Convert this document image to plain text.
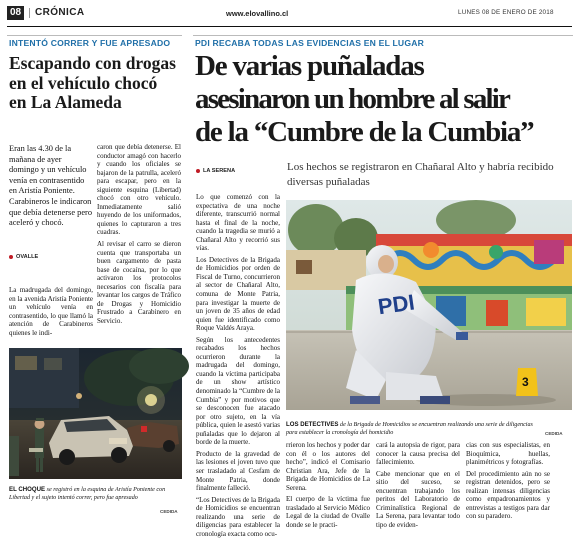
08 CRÓNICA	www.elovallino.cl	LUNES 08 DE ENERO DE 2018
INTENTÓ CORRER Y FUE APRESADO
Escapando con drogas en el vehículo chocó en La Alameda
Eran las 4.30 de la mañana de ayer domingo y un vehículo venía en contrasentido en Aristía Poniente. Carabineros le indicaron que debía detenerse pero aceleró y chocó.
OVALLE

La madrugada del domingo, en la avenida Aristía Poniente un vehículo venía en contrasentido, lo que llamó la atención de Carabineros quienes le indi-

caron que debía detenerse. El conductor amagó con hacerlo y cuando los oficiales se bajaron de la patrulla, aceleró para escapar, pero en la siguiente esquina (Libertad) chocó con otro vehículo. Inmediatamente salió huyendo de los uniformados, quienes lo capturaron a tres cuadras.

Al revisar el carro se dieron cuenta que transportaba un buen cargamento de pasta base de cocaína, por lo que activaron los protocolos necesarios con fiscalía para levantar los cargos de Tráfico de Drogas y Homicidio Frustrado a Carabinero en Servicio.

EL CHOQUE se registró en la esquina de Aristía Poniente con Libertad y el sujeto intentó correr, pero fue apresado
CEDIDA
PDI RECABA TODAS LAS EVIDENCIAS EN EL LUGAR
De varias puñaladas
asesinaron un hombre al salir
de la “Cumbre de la Cumbia”
Los hechos se registraron en Chañaral Alto y habría recibido diversas puñaladas
LA SERENA

Lo que comenzó con la expectativa de una noche diferente, transcurrió normal hasta el final de la noche, cuando la tragedia se murió a Chañaral Alto y recorrió sus vías.

Los Detectives de la Brigada de Homicidios por orden de Fiscal de Turno, concurrieron al sector de Chañaral Alto, comuna de Monte Patria, para investigar la muerte de un joven de 35 años de edad quien fue identificado como Roque Valdés Araya.

Según los antecedentes recabados los hechos ocurrieron durante la madrugada del domingo, cuando la víctima participaba de un show artístico denominado la “Cumbre de la Cumbia” y por motivos que se desconocen fue atacado por otro sujeto, en la vía pública, quien le asestó varias puñaladas que lo dejaron al borde de la muerte.

Producto de la gravedad de las lesiones el joven tuvo que ser trasladado al Cesfam de Monte Patria, donde finalmente falleció.

“Los Detectives de la Brigada de Homicidios se encuentran realizando una serie de diligencias para establecer la cronología exacta como ocu-

PDI
3
LOS DETECTIVES de la Brigada de Homicidios se encuentran realizando una serie de diligencias para establecer la cronología del homicidio	CEDIDA

rrieron los hechos y poder dar con él o los autores del hecho”, indicó el Comisario Christian Ara, Jefe de la Brigada de Homicidios de La Serena.

El cuerpo de la víctima fue trasladado al Servicio Médico Legal de la ciudad de Ovalle donde se le practi-

cará la autopsia de rigor, para conocer la causa precisa del fallecimiento.

Cabe mencionar que en el sitio del suceso, se encuentran trabajando los peritos del Laboratorio de Criminalística Regional de La Serena, para levantar todo tipo de eviden-

cias con sus especialistas, en Bioquímica, huellas, planimétricos y fotografías.

Del procedimiento aún no se registran detenidos, pero se realizan intensas diligencias como empadronamientos y entrevistas a testigos para dar con su paradero.
